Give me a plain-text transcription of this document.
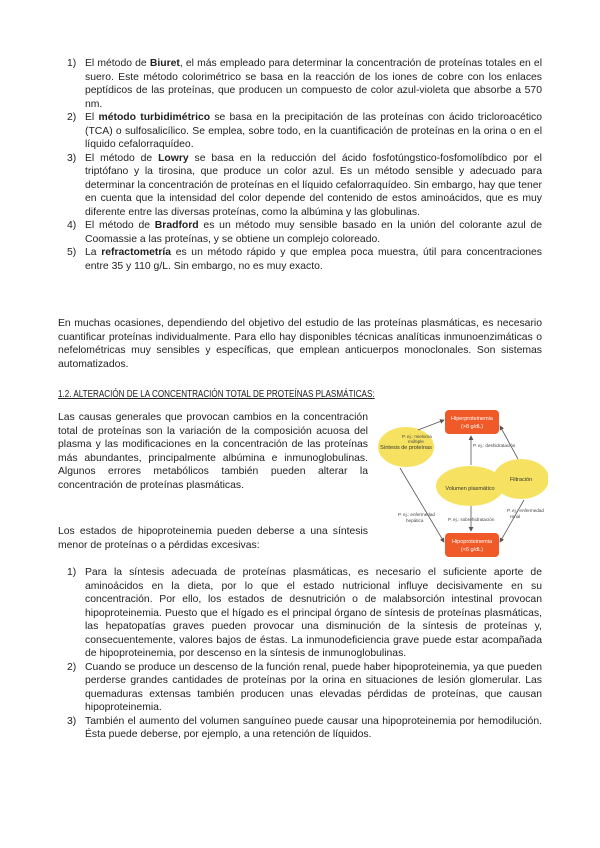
1) El método de Biuret, el más empleado para determinar la concentración de proteínas totales en el suero. Este método colorimétrico se basa en la reacción de los iones de cobre con los enlaces peptídicos de las proteínas, que producen un compuesto de color azul-violeta que absorbe a 570 nm.
2) El método turbidimétrico se basa en la precipitación de las proteínas con ácido tricloroacético (TCA) o sulfosalicílico. Se emplea, sobre todo, en la cuantificación de proteínas en la orina o en el líquido cefalorraquídeo.
3) El método de Lowry se basa en la reducción del ácido fosfotúngstico-fosfomolíbdico por el triptófano y la tirosina, que produce un color azul. Es un método sensible y adecuado para determinar la concentración de proteínas en el líquido cefalorraquídeo. Sin embargo, hay que tener en cuenta que la intensidad del color depende del contenido de estos aminoácidos, que es muy diferente entre las diversas proteínas, como la albúmina y las globulinas.
4) El método de Bradford es un método muy sensible basado en la unión del colorante azul de Coomassie a las proteínas, y se obtiene un complejo coloreado.
5) La refractometría es un método rápido y que emplea poca muestra, útil para concentraciones entre 35 y 110 g/L. Sin embargo, no es muy exacto.

En muchas ocasiones, dependiendo del objetivo del estudio de las proteínas plasmáticas, es necesario cuantificar proteínas individualmente. Para ello hay disponibles técnicas analíticas inmunoenzimáticas o nefelométricas muy sensibles y específicas, que emplean anticuerpos monoclonales. Son sistemas automatizados.

1.2. ALTERACIÓN DE LA CONCENTRACIÓN TOTAL DE PROTEÍNAS PLASMÁTICAS:

Las causas generales que provocan cambios en la concentración total de proteínas son la variación de la composición acuosa del plasma y las modificaciones en la concentración de las proteínas más abundantes, principalmente albúmina e inmunoglobulinas. Algunos errores metabólicos también pueden alterar la concentración de proteínas plasmáticas.

Los estados de hipoproteinemia pueden deberse a una síntesis menor de proteínas o a pérdidas excesivas:

Hiperproteinemia
(>8 g/dL)
Hipoproteinemia
(<6 g/dL)
Síntesis de proteínas
Volumen plasmático
Filtración
P. ej.: mieloma
múltiple
P. ej.: deshidratación
P. ej.: enfermedad
hepática	P. ej.: sobrehidratación
P. ej.: enfermedad
renal
1) Para la síntesis adecuada de proteínas plasmáticas, es necesario el suficiente aporte de aminoácidos en la dieta, por lo que el estado nutricional influye decisivamente en su concentración. Por ello, los estados de desnutrición o de malabsorción intestinal provocan hipoproteinemia. Puesto que el hígado es el principal órgano de síntesis de proteínas plasmáticas, las hepatopatías graves pueden provocar una disminución de la síntesis de proteínas y, consecuentemente, valores bajos de éstas. La inmunodeficiencia grave puede estar acompañada de hipoproteinemia, por descenso en la síntesis de inmunoglobulinas.
2) Cuando se produce un descenso de la función renal, puede haber hipoproteinemia, ya que pueden perderse grandes cantidades de proteínas por la orina en situaciones de lesión glomerular. Las quemaduras extensas también producen unas elevadas pérdidas de proteínas, que causan hipoproteinemia.
3) También el aumento del volumen sanguíneo puede causar una hipoproteinemia por hemodilución. Ésta puede deberse, por ejemplo, a una retención de líquidos.
